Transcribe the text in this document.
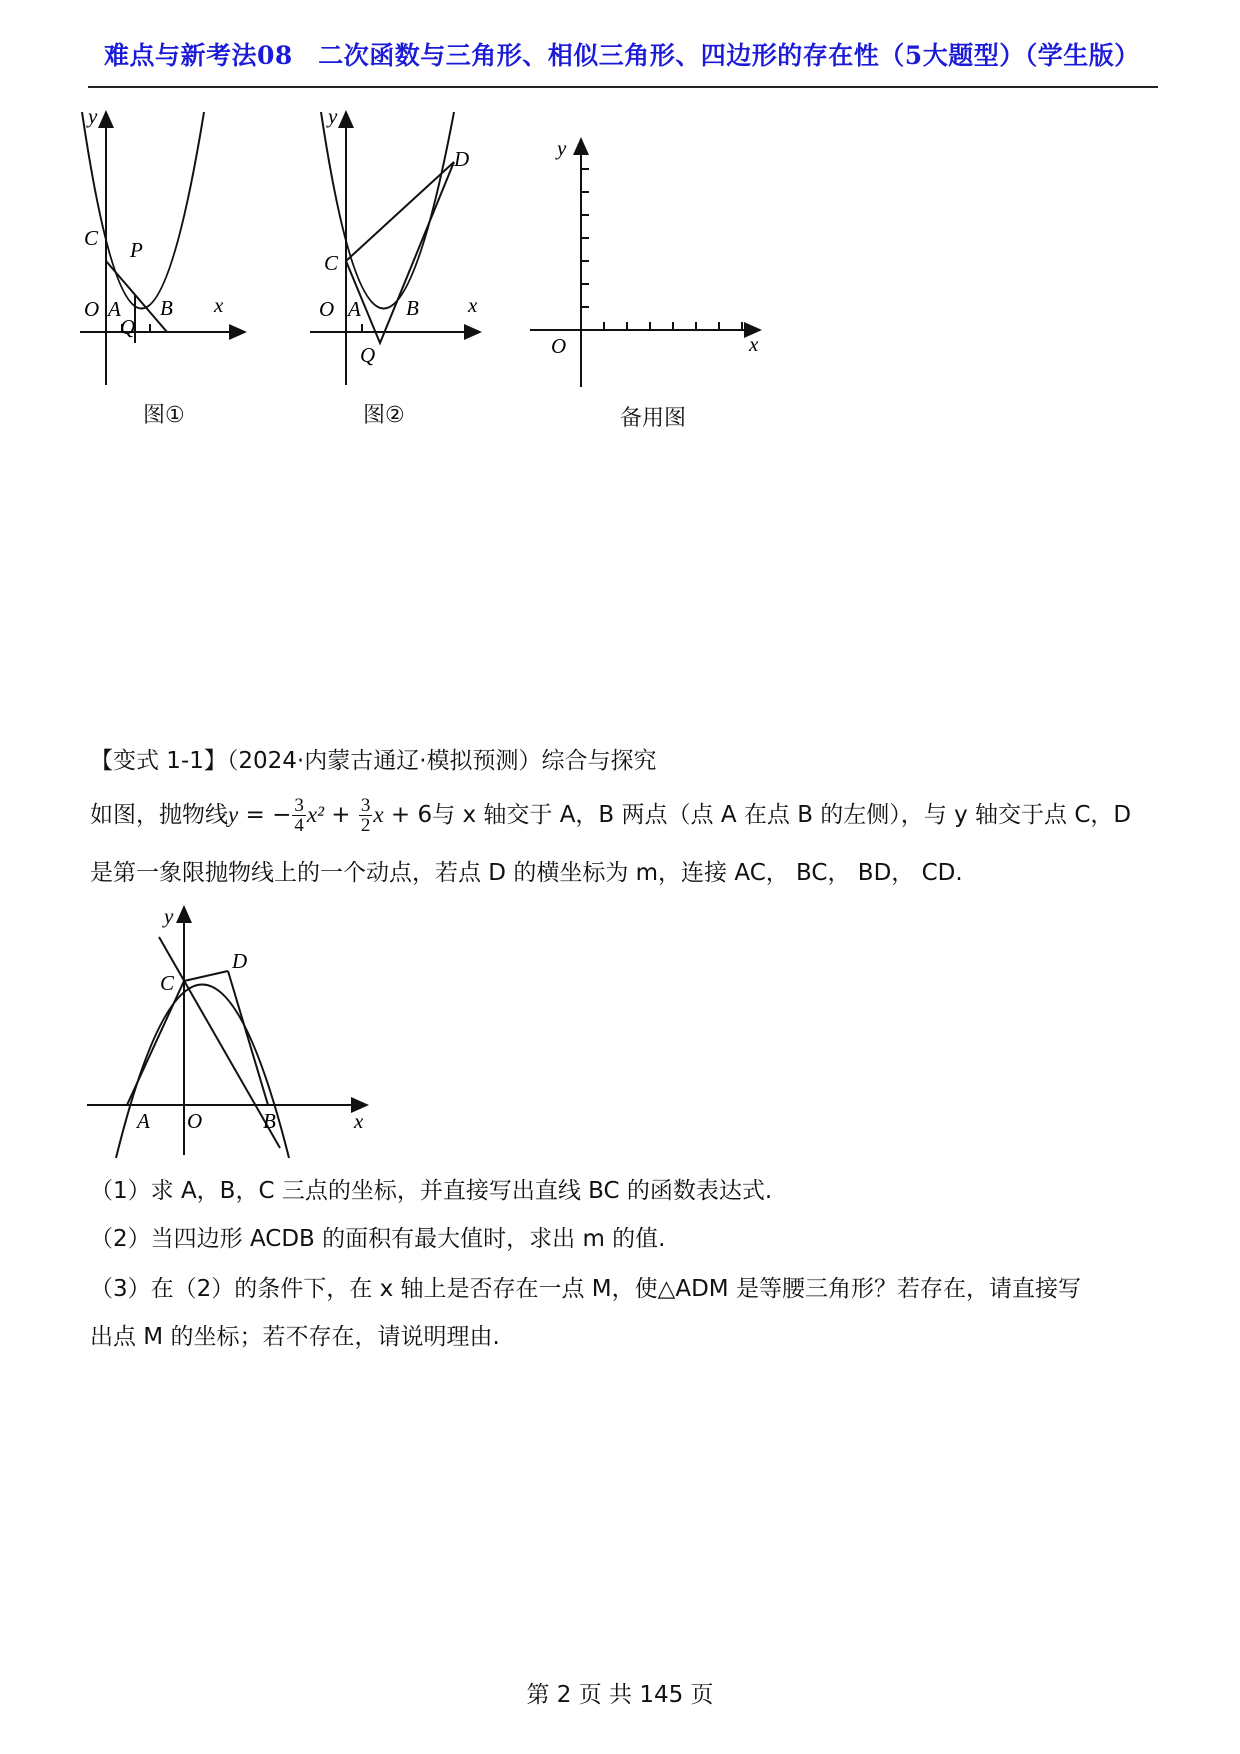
难点与新考法08　二次函数与三角形、相似三角形、四边形的存在性（5大题型）（学生版）
y
x
O A B
C P
Q
图①
y
x
O A B
C
D
Q
图②
y
x
O
备用图
【变式 1-1】（2024·内蒙古通辽·模拟预测）综合与探究
如图，抛物线y = − $\frac{3}{4} x^2 + \frac{3}{2}$ x + 6与 x 轴交于 A，B 两点（点 A 在点 B 的左侧），与 y 轴交于点 C，D
是第一象限抛物线上的一个动点，若点 D 的横坐标为 m，连接 AC， BC， BD， CD.
y
x
O
A	B
C
D
（1）求 A，B，C 三点的坐标，并直接写出直线 BC 的函数表达式.
（2）当四边形 ACDB 的面积有最大值时，求出 m 的值.
（3）在（2）的条件下，在 x 轴上是否存在一点 M，使△ADM 是等腰三角形？若存在，请直接写
出点 M 的坐标；若不存在，请说明理由.
第 2 页 共 145 页
